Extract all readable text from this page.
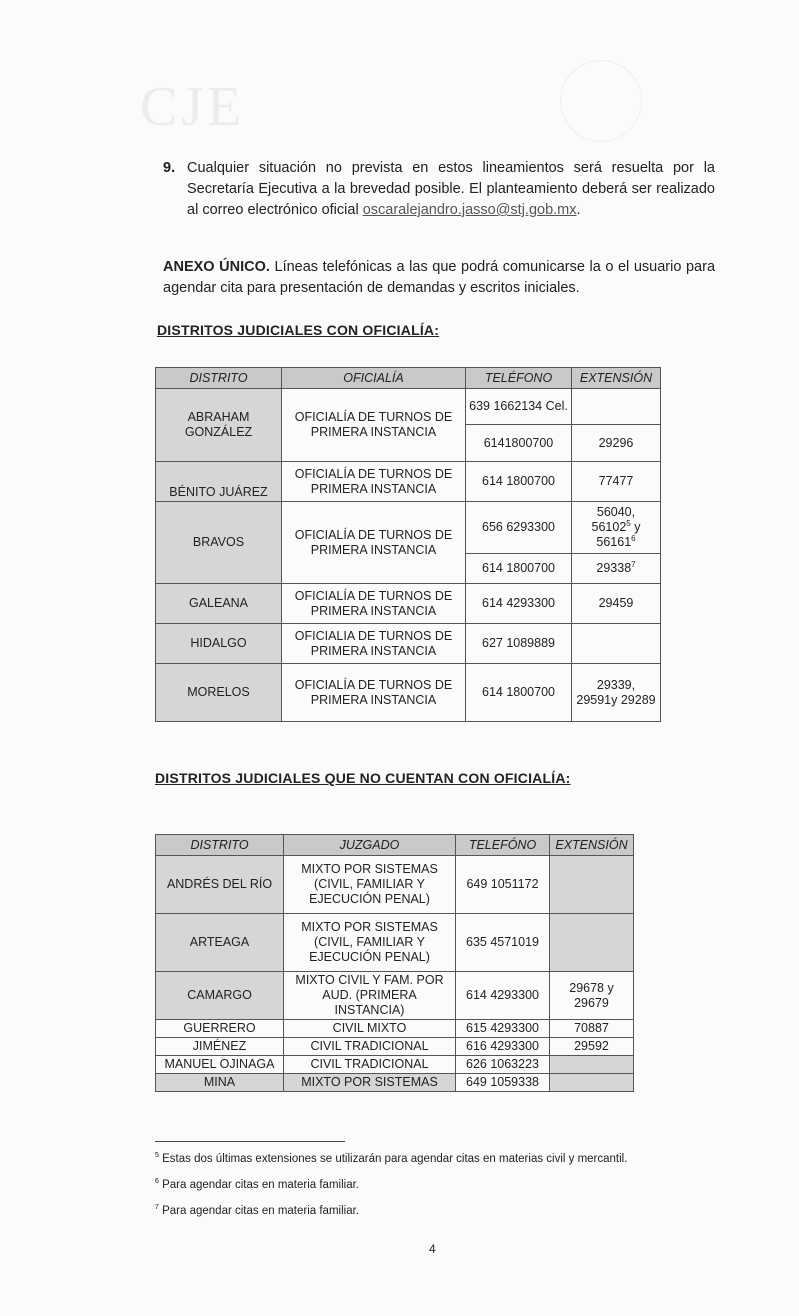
CJE
9. Cualquier situación no prevista en estos lineamientos será resuelta por la Secretaría Ejecutiva a la brevedad posible. El planteamiento deberá ser realizado al correo electrónico oficial oscaralejandro.jasso@stj.gob.mx.
ANEXO ÚNICO. Líneas telefónicas a las que podrá comunicarse la o el usuario para agendar cita para presentación de demandas y escritos iniciales.
DISTRITOS JUDICIALES CON OFICIALÍA:
DISTRITO	OFICIALÍA	TELÉFONO	EXTENSIÓN
ABRAHAM GONZÁLEZ	OFICIALÍA DE TURNOS DE PRIMERA INSTANCIA	639 1662134 Cel.	
		6141800700	29296
BÉNITO JUÁREZ	OFICIALÍA DE TURNOS DE PRIMERA INSTANCIA	614 1800700	77477
BRAVOS	OFICIALÍA DE TURNOS DE PRIMERA INSTANCIA	656 6293300	56040,
56102$^5$ y
56161$^6$
		614 1800700	29338$^7$
GALEANA	OFICIALÍA DE TURNOS DE PRIMERA INSTANCIA	614 4293300	29459
HIDALGO	OFICIALIA DE TURNOS DE PRIMERA INSTANCIA	627 1089889	
MORELOS	OFICIALÍA DE TURNOS DE PRIMERA INSTANCIA	614 1800700	29339, 29591y 29289
DISTRITOS JUDICIALES QUE NO CUENTAN CON OFICIALÍA:
DISTRITO	JUZGADO	TELEFÓNO	EXTENSIÓN
ANDRÉS DEL RÍO	MIXTO POR SISTEMAS (CIVIL, FAMILIAR Y EJECUCIÓN PENAL)	649 1051172	
ARTEAGA	MIXTO POR SISTEMAS (CIVIL, FAMILIAR Y EJECUCIÓN PENAL)	635 4571019	
CAMARGO	MIXTO CIVIL Y FAM. POR AUD. (PRIMERA INSTANCIA)	614 4293300	29678 y 29679
GUERRERO	CIVIL MIXTO	615 4293300	70887
JIMÉNEZ	CIVIL TRADICIONAL	616 4293300	29592
MANUEL OJINAGA	CIVIL TRADICIONAL	626 1063223	
MINA	MIXTO POR SISTEMAS	649 1059338	
$^5$ Estas dos últimas extensiones se utilizarán para agendar citas en materias civil y mercantil.
$^6$ Para agendar citas en materia familiar.
$^7$ Para agendar citas en materia familiar.
4
